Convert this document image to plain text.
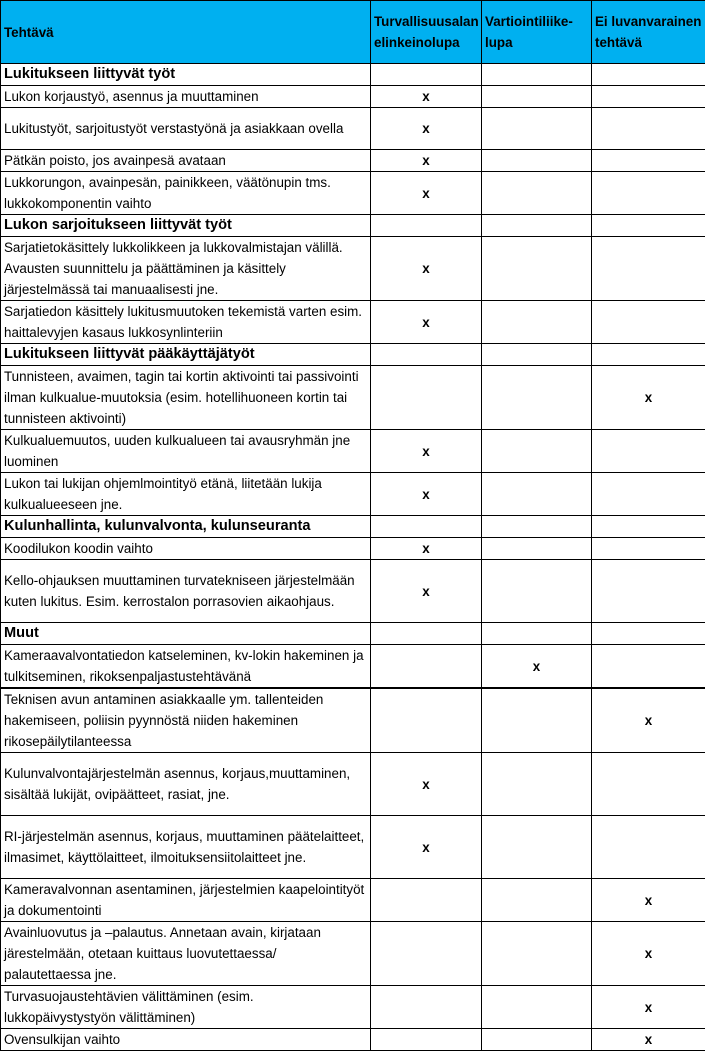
Tehtävä	Turvallisuusalan elinkeinolupa	Vartiointiliike-lupa	Ei luvanvarainen tehtävä
Lukitukseen liittyvät työt			
Lukon korjaustyö, asennus ja muuttaminen	x		
Lukitustyöt, sarjoitustyöt verstastyönä ja asiakkaan ovella	x		
Pätkän poisto, jos avainpesä avataan	x		
Lukkorungon, avainpesän, painikkeen, väätönupin tms. lukkokomponentin vaihto	x		
Lukon sarjoitukseen liittyvät työt			
Sarjatietokäsittely lukkolikkeen ja lukkovalmistajan välillä. Avausten suunnittelu ja päättäminen ja käsittely järjestelmässä tai manuaalisesti jne.	x		
Sarjatiedon käsittely lukitusmuutoken tekemistä varten esim. haittalevyjen kasaus lukkosynlinteriin	x		
Lukitukseen liittyvät pääkäyttäjätyöt			
Tunnisteen, avaimen, tagin tai kortin aktivointi tai passivointi ilman kulkualue-muutoksia (esim. hotellihuoneen kortin tai tunnisteen aktivointi)			x
Kulkualuemuutos, uuden kulkualueen tai avausryhmän jne luominen	x		
Lukon tai lukijan ohjemlmointityö etänä, liitetään lukija kulkualueeseen jne.	x		
Kulunhallinta, kulunvalvonta, kulunseuranta			
Koodilukon koodin vaihto	x		
Kello-ohjauksen muuttaminen turvatekniseen järjestelmään kuten lukitus. Esim. kerrostalon porrasovien aikaohjaus.	x		
Muut			
Kameraavalvontatiedon katseleminen, kv-lokin hakeminen ja tulkitseminen, rikoksenpaljastustehtävänä		x	
Teknisen avun antaminen asiakkaalle ym. tallenteiden hakemiseen, poliisin pyynnöstä niiden hakeminen rikosepäilytilanteessa			x
Kulunvalvontajärjestelmän asennus, korjaus,muuttaminen, sisältää lukijät, ovipäätteet, rasiat, jne.	x		
RI-järjestelmän asennus, korjaus, muuttaminen päätelaitteet, ilmasimet, käyttölaitteet, ilmoituksensiitolaitteet jne.	x		
Kameravalvonnan asentaminen, järjestelmien kaapelointityöt ja dokumentointi			x
Avainluovutus ja –palautus. Annetaan avain, kirjataan järestelmään, otetaan kuittaus luovutettaessa/ palautettaessa jne.			x
Turvasuojaustehtävien välittäminen (esim. lukkopäivystystyön välittäminen)			x
Ovensulkijan vaihto			x
